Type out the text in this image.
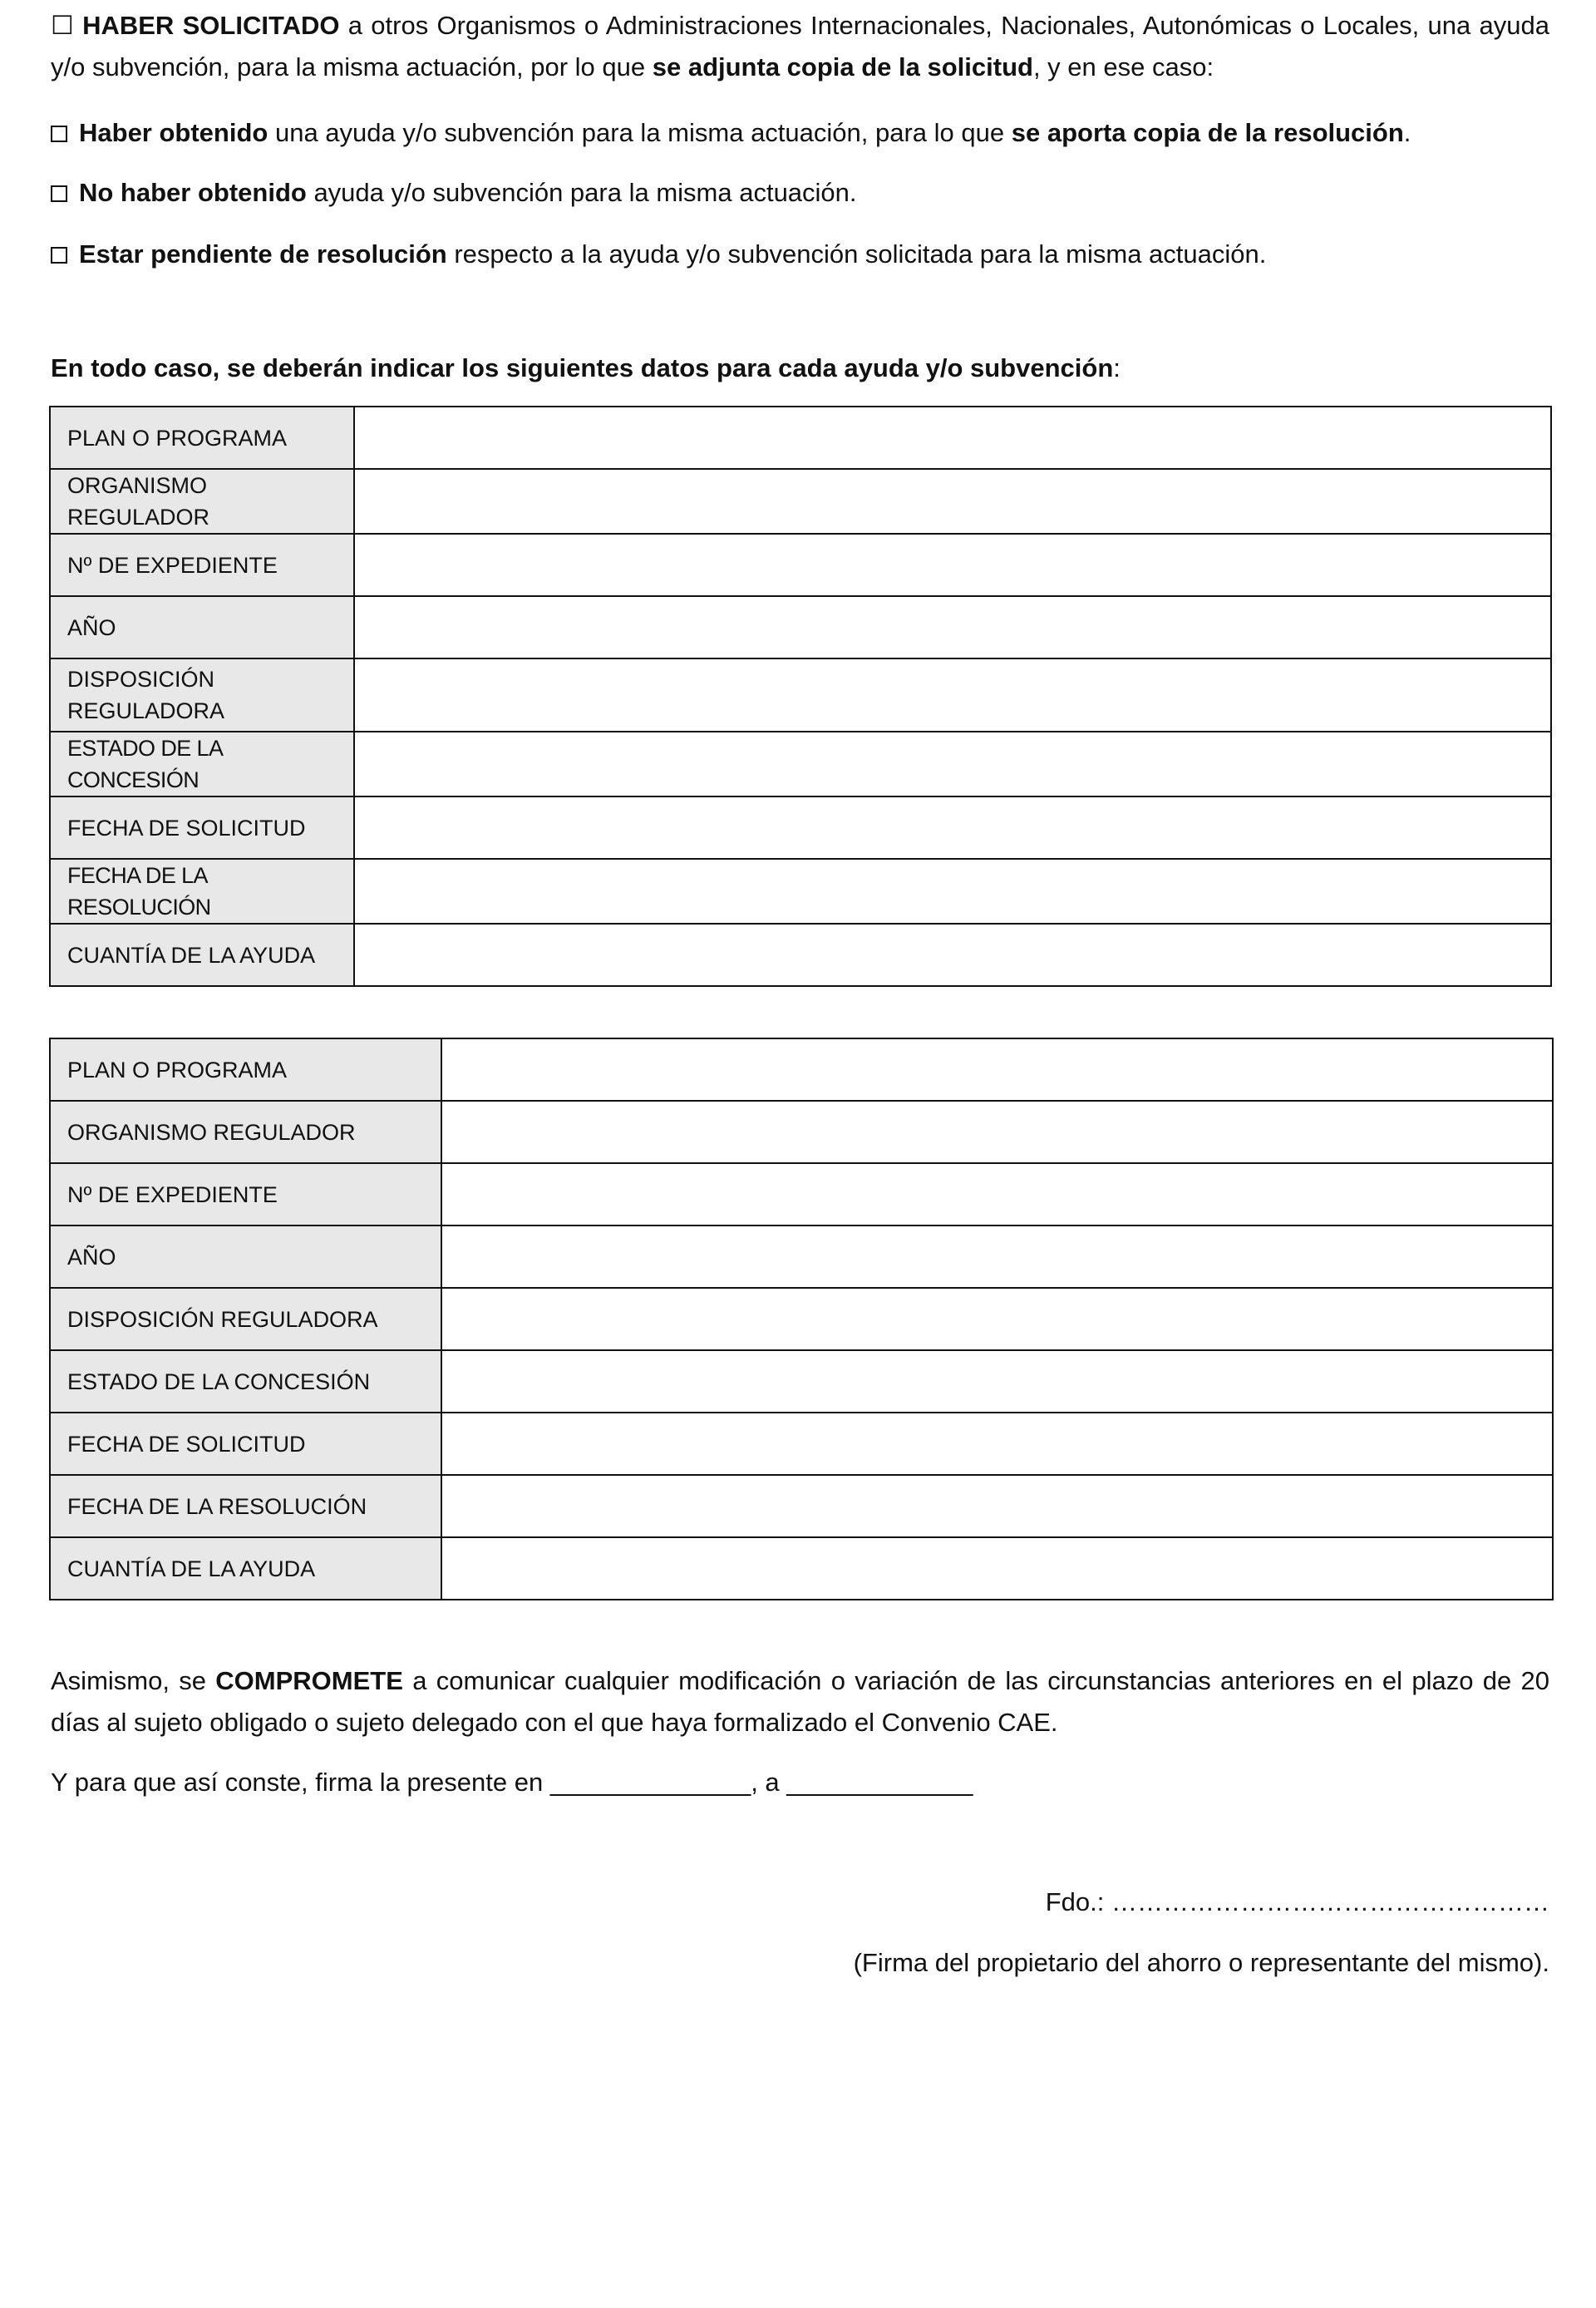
☐ HABER SOLICITADO a otros Organismos o Administraciones Internacionales, Nacionales, Autonómicas o Locales, una ayuda y/o subvención, para la misma actuación, por lo que se adjunta copia de la solicitud, y en ese caso:

Haber obtenido una ayuda y/o subvención para la misma actuación, para lo que se aporta copia de la resolución.

No haber obtenido ayuda y/o subvención para la misma actuación.

Estar pendiente de resolución respecto a la ayuda y/o subvención solicitada para la misma actuación.

En todo caso, se deberán indicar los siguientes datos para cada ayuda y/o subvención:

PLAN O PROGRAMA	
ORGANISMO REGULADOR	
Nº DE EXPEDIENTE	
AÑO	
DISPOSICIÓN REGULADORA	
ESTADO DE LA CONCESIÓN	
FECHA DE SOLICITUD	
FECHA DE LA RESOLUCIÓN	
CUANTÍA DE LA AYUDA	
PLAN O PROGRAMA	
ORGANISMO REGULADOR	
Nº DE EXPEDIENTE	
AÑO	
DISPOSICIÓN REGULADORA	
ESTADO DE LA CONCESIÓN	
FECHA DE SOLICITUD	
FECHA DE LA RESOLUCIÓN	
CUANTÍA DE LA AYUDA	

Asimismo, se COMPROMETE a comunicar cualquier modificación o variación de las circunstancias anteriores en el plazo de 20 días al sujeto obligado o sujeto delegado con el que haya formalizado el Convenio CAE.

Y para que así conste, firma la presente en ______________, a _____________

Fdo.: ……………………………………………

(Firma del propietario del ahorro o representante del mismo).
